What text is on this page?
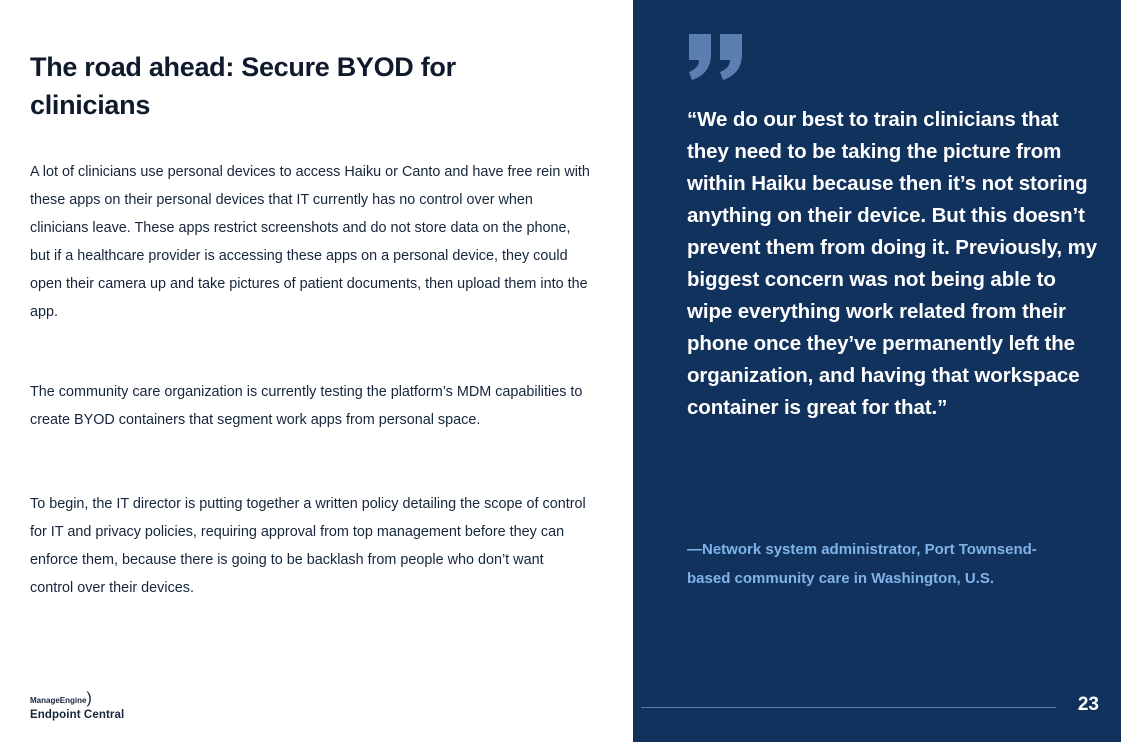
The road ahead: Secure BYOD for clinicians

A lot of clinicians use personal devices to access Haiku or Canto and have free rein with these apps on their personal devices that IT currently has no control over when clinicians leave. These apps restrict screenshots and do not store data on the phone, but if a healthcare provider is accessing these apps on a personal device, they could open their camera up and take pictures of patient documents, then upload them into the app.

The community care organization is currently testing the platform’s MDM capabilities to create BYOD containers that segment work apps from personal space.

To begin, the IT director is putting together a written policy detailing the scope of control for IT and privacy policies, requiring approval from top management before they can enforce them, because there is going to be backlash from people who don’t want control over their devices.

ManageEngine)
Endpoint Central

“We do our best to train clinicians that they need to be taking the picture from within Haiku because then it’s not storing anything on their device. But this doesn’t prevent them from doing it. Previously, my biggest concern was not being able to wipe everything work related from their phone once they’ve permanently left the organization, and having that workspace container is great for that.”

—Network system administrator, Port Townsend-based community care in Washington, U.S.

23
